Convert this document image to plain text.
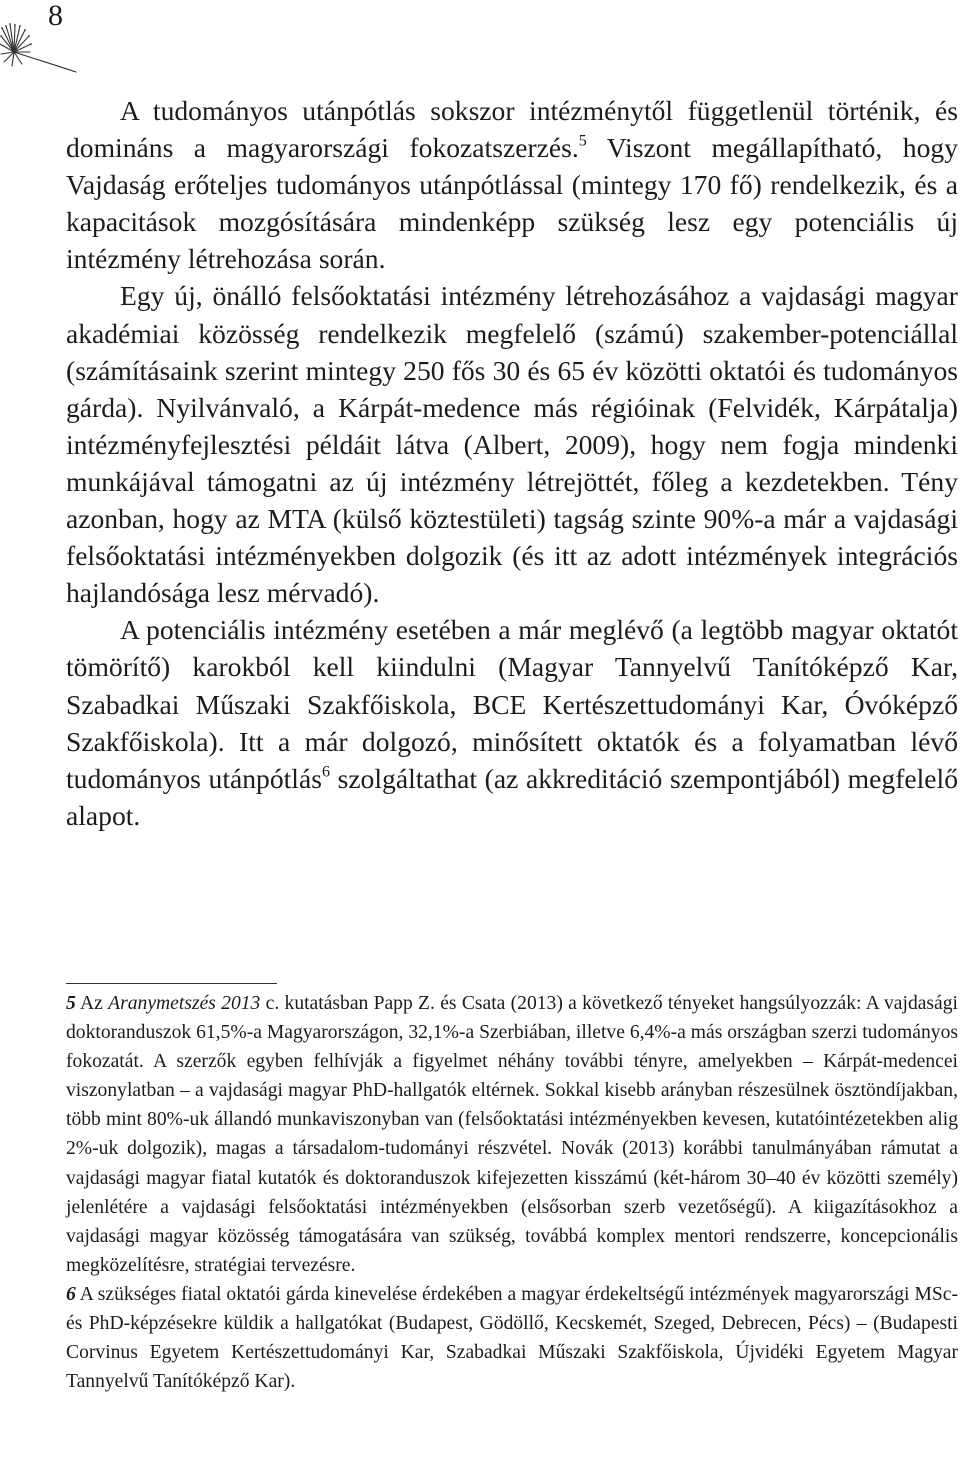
8

A tudományos utánpótlás sokszor intézménytől függetlenül történik, és domináns a magyarországi fokozatszerzés.$^5$ Viszont megállapítható, hogy Vajdaság erőteljes tudományos utánpótlással (mintegy 170 fő) rendelkezik, és a kapacitások mozgósítására mindenképp szükség lesz egy potenciális új intézmény létrehozása során.

Egy új, önálló felsőoktatási intézmény létrehozásához a vajdasági magyar akadémiai közösség rendelkezik megfelelő (számú) szakember-potenciállal (számításaink szerint mintegy 250 fős 30 és 65 év közötti oktatói és tudományos gárda). Nyilvánvaló, a Kárpát-medence más régióinak (Felvidék, Kárpátalja) intézményfejlesztési példáit látva (Albert, 2009), hogy nem fogja mindenki munkájával támogatni az új intézmény létrejöttét, főleg a kezdetekben. Tény azonban, hogy az MTA (külső köztestületi) tagság szinte 90%-a már a vajdasági felsőoktatási intézményekben dolgozik (és itt az adott intézmények integrációs hajlandósága lesz mérvadó).

A potenciális intézmény esetében a már meglévő (a legtöbb magyar oktatót tömörítő) karokból kell kiindulni (Magyar Tannyelvű Tanítóképző Kar, Szabadkai Műszaki Szakfőiskola, BCE Kertészettudományi Kar, Óvóképző Szakfőiskola). Itt a már dolgozó, minősített oktatók és a folyamatban lévő tudományos utánpótlás$^6$ szolgáltathat (az akkreditáció szempontjából) megfelelő alapot.

5 Az Aranymetszés 2013 c. kutatásban Papp Z. és Csata (2013) a következő tényeket hangsúlyozzák: A vajdasági doktoranduszok 61,5%-a Magyarországon, 32,1%-a Szerbiában, illetve 6,4%-a más országban szerzi tudományos fokozatát. A szerzők egyben felhívják a figyelmet néhány további tényre, amelyekben – Kárpát-medencei viszonylatban – a vajdasági magyar PhD-hallgatók eltérnek. Sokkal kisebb arányban részesülnek ösztöndíjakban, több mint 80%-uk állandó munkaviszonyban van (felsőoktatási intézményekben kevesen, kutatóintézetekben alig 2%-uk dolgozik), magas a társadalom-tudományi részvétel. Novák (2013) korábbi tanulmányában rámutat a vajdasági magyar fiatal kutatók és doktoranduszok kifejezetten kisszámú (két-három 30–40 év közötti személy) jelenlétére a vajdasági felsőoktatási intézményekben (elsősorban szerb vezetőségű). A kiigazításokhoz a vajdasági magyar közösség támogatására van szükség, továbbá komplex mentori rendszerre, koncepcionális megközelítésre, stratégiai tervezésre.

6 A szükséges fiatal oktatói gárda kinevelése érdekében a magyar érdekeltségű intézmények magyarországi MSc- és PhD-képzésekre küldik a hallgatókat (Budapest, Gödöllő, Kecskemét, Szeged, Debrecen, Pécs) – (Budapesti Corvinus Egyetem Kertészettudományi Kar, Szabadkai Műszaki Szakfőiskola, Újvidéki Egyetem Magyar Tannyelvű Tanítóképző Kar).
